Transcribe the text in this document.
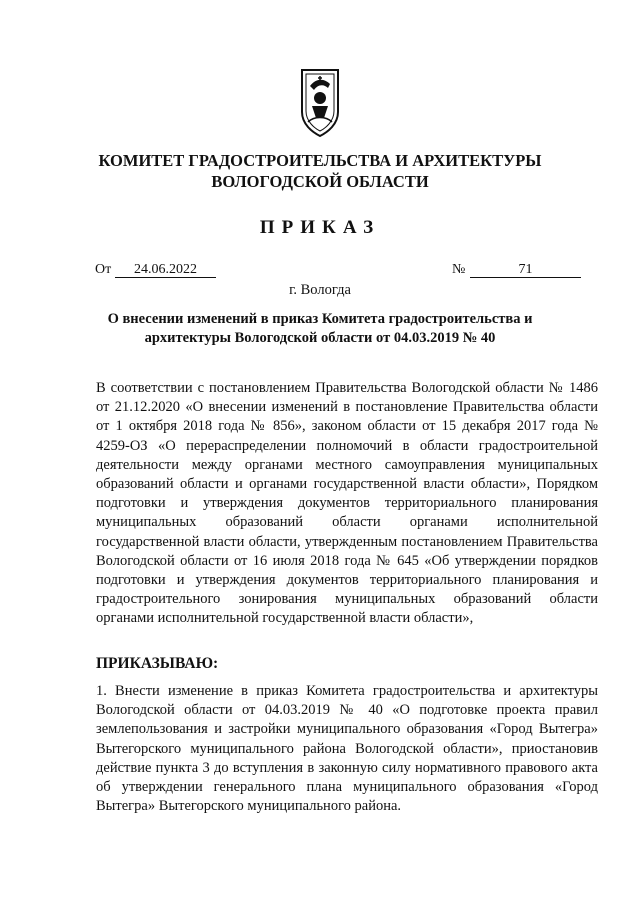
КОМИТЕТ ГРАДОСТРОИТЕЛЬСТВА И АРХИТЕКТУРЫ
ВОЛОГОДСКОЙ ОБЛАСТИ
ПРИКАЗ
От	24.06.2022	№	71
г. Вологда
О внесении изменений в приказ Комитета градостроительства и архитектуры Вологодской области от 04.03.2019 № 40
В соответствии с постановлением Правительства Вологодской области № 1486 от 21.12.2020 «О внесении изменений в постановление Правительства области от 1 октября 2018 года № 856», законом области от 15 декабря 2017 года № 4259-ОЗ «О перераспределении полномочий в области градостроительной деятельности между органами местного самоуправления муниципальных образований области и органами государственной власти области», Порядком подготовки и утверждения документов территориального планирования муниципальных образований области органами исполнительной государственной власти области, утвержденным постановлением Правительства Вологодской области от 16 июля 2018 года № 645 «Об утверждении порядков подготовки и утверждения документов территориального планирования и градостроительного зонирования муниципальных образований области органами исполнительной государственной власти области»,
ПРИКАЗЫВАЮ:
1. Внести изменение в приказ Комитета градостроительства и архитектуры Вологодской области от 04.03.2019 № 40 «О подготовке проекта правил землепользования и застройки муниципального образования «Город Вытегра» Вытегорского муниципального района Вологодской области», приостановив действие пункта 3 до вступления в законную силу нормативного правового акта об утверждении генерального плана муниципального образования «Город Вытегра» Вытегорского муниципального района.
